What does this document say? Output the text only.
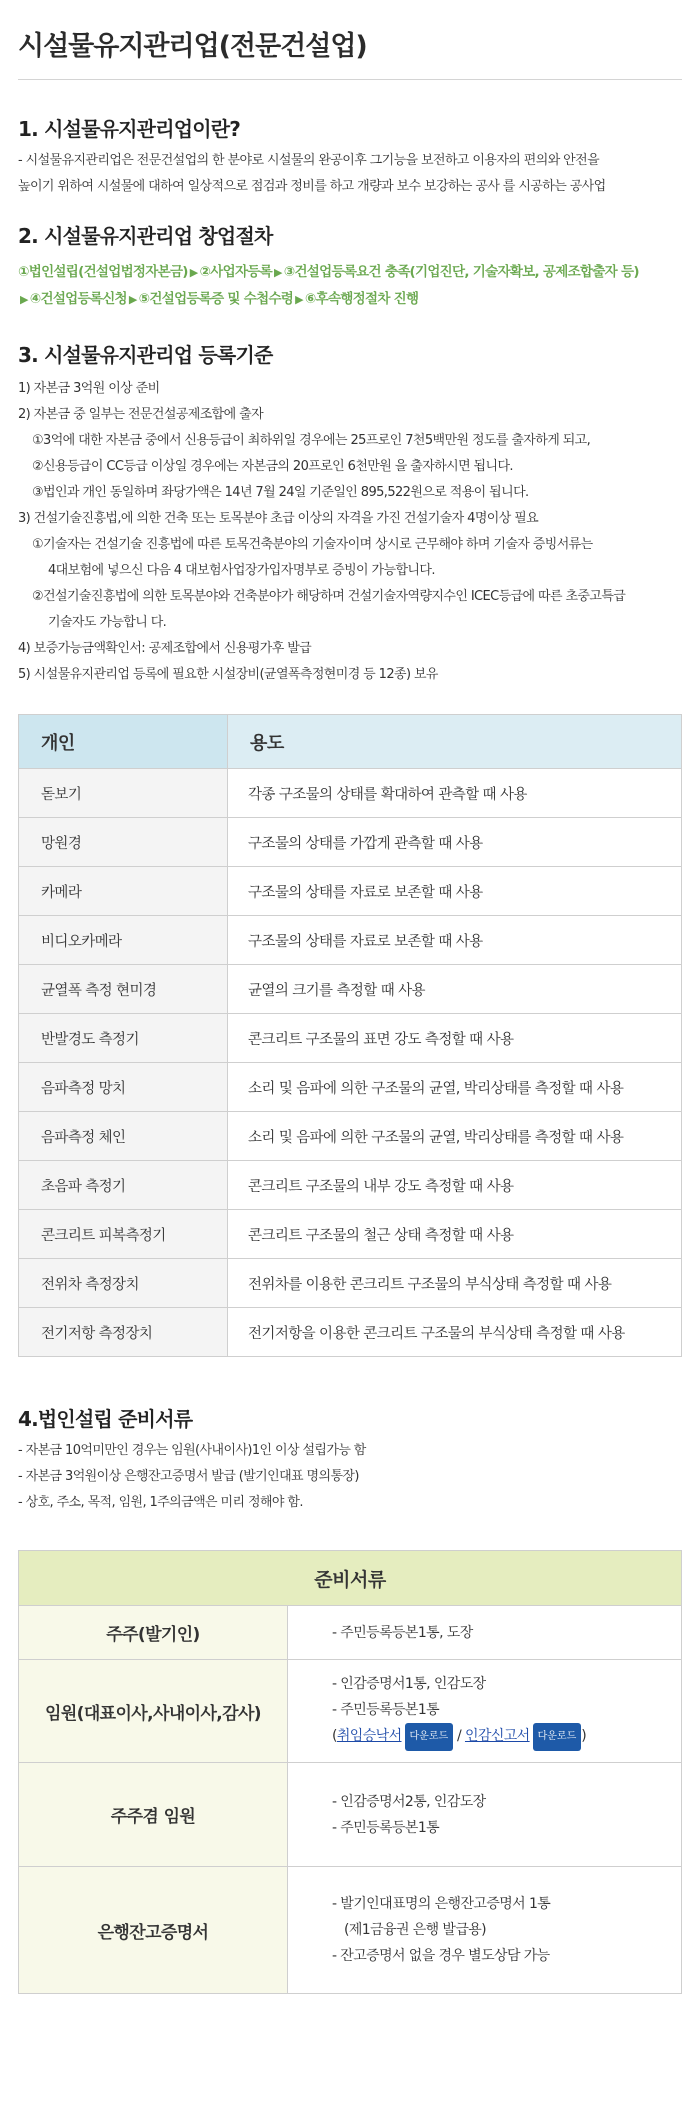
시설물유지관리업(전문건설업)
1. 시설물유지관리업이란?
- 시설물유지관리업은 전문건설업의 한 분야로 시설물의 완공이후 그기능을 보전하고 이용자의 편의와 안전을
높이기 위하여 시설물에 대하여 일상적으로 점검과 정비를 하고 개량과 보수 보강하는 공사 를 시공하는 공사업
2. 시설물유지관리업 창업절차
①법인설립(건설업법정자본금) ▶ ②사업자등록 ▶ ③건설업등록요건 충족(기업진단, 기술자확보, 공제조합출자 등)
▶ ④건설업등록신청 ▶ ⑤건설업등록증 및 수첩수령 ▶ ⑥후속행정절차 진행
3. 시설물유지관리업 등록기준
1) 자본금 3억원 이상 준비
2) 자본금 중 일부는 전문건설공제조합에 출자
①3억에 대한 자본금 중에서 신용등급이 최하위일 경우에는 25프로인 7천5백만원 정도를 출자하게 되고,
②신용등급이 CC등급 이상일 경우에는 자본금의 20프로인 6천만원 을 출자하시면 됩니다.
③법인과 개인 동일하며 좌당가액은 14년 7월 24일 기준일인 895,522원으로 적용이 됩니다.
3) 건설기술진흥법,에 의한 건축 또는 토목분야 초급 이상의 자격을 가진 건설기술자 4명이상 필요
①기술자는 건설기술 진흥법에 따른 토목건축분야의 기술자이며 상시로 근무해야 하며 기술자 증빙서류는
4대보험에 넣으신 다음 4 대보험사업장가입자명부로 증빙이 가능합니다.
②건설기술진흥법에 의한 토목분야와 건축분야가 해당하며 건설기술자역량지수인 ICEC등급에 따른 초중고특급
기술자도 가능합니 다.
4) 보증가능금액확인서: 공제조합에서 신용평가후 발급
5) 시설물유지관리업 등록에 필요한 시설장비(균열폭측정현미경 등 12종) 보유
개인	용도
돋보기	각종 구조물의 상태를 확대하여 관측할 때 사용
망원경	구조물의 상태를 가깝게 관측할 때 사용
카메라	구조물의 상태를 자료로 보존할 때 사용
비디오카메라	구조물의 상태를 자료로 보존할 때 사용
균열폭 측정 현미경	균열의 크기를 측정할 때 사용
반발경도 측정기	콘크리트 구조물의 표면 강도 측정할 때 사용
음파측정 망치	소리 및 음파에 의한 구조물의 균열, 박리상태를 측정할 때 사용
음파측정 체인	소리 및 음파에 의한 구조물의 균열, 박리상태를 측정할 때 사용
초음파 측정기	콘크리트 구조물의 내부 강도 측정할 때 사용
콘크리트 피복측정기	콘크리트 구조물의 철근 상태 측정할 때 사용
전위차 측정장치	전위차를 이용한 콘크리트 구조물의 부식상태 측정할 때 사용
전기저항 측정장치	전기저항을 이용한 콘크리트 구조물의 부식상태 측정할 때 사용
4.법인설립 준비서류
- 자본금 10억미만인 경우는 임원(사내이사)1인 이상 설립가능 함
- 자본금 3억원이상 은행잔고증명서 발급 (발기인대표 명의통장)
- 상호, 주소, 목적, 임원, 1주의금액은 미리 정해야 함.
준비서류	
주주(발기인)	- 주민등록등본1통, 도장

임원(대표이사,사내이사,감사)	- 인감증명서1통, 인감도장
- 주민등록등본1통
(취임승낙서 다운로드 / 인감신고서 다운로드 )

주주겸 임원	- 인감증명서2통, 인감도장
- 주민등록등본1통

은행잔고증명서	- 발기인대표명의 은행잔고증명서 1통
(제1금융권 은행 발급용)
- 잔고증명서 없을 경우 별도상담 가능
